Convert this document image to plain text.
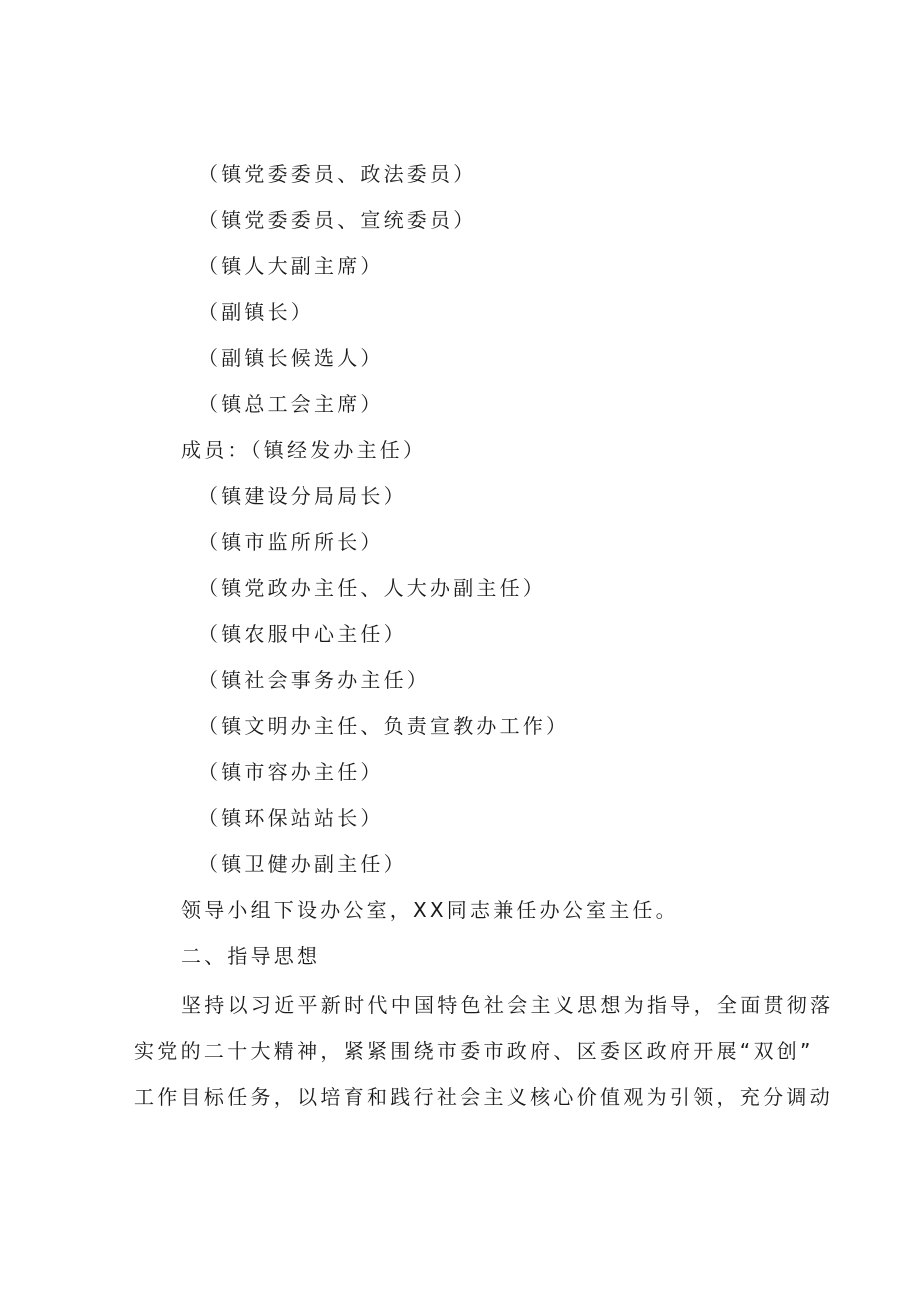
（镇党委委员、政法委员）
（镇党委委员、宣统委员）
（镇人大副主席）
（副镇长）
（副镇长候选人）
（镇总工会主席）
成员：（镇经发办主任）
（镇建设分局局长）
（镇市监所所长）
（镇党政办主任、人大办副主任）
（镇农服中心主任）
（镇社会事务办主任）
（镇文明办主任、负责宣教办工作）
（镇市容办主任）
（镇环保站站长）
（镇卫健办副主任）
领导小组下设办公室，XX同志兼任办公室主任。
二、指导思想
坚持以习近平新时代中国特色社会主义思想为指导，全面贯彻落
实党的二十大精神，紧紧围绕市委市政府、区委区政府开展“双创”
工作目标任务，以培育和践行社会主义核心价值观为引领，充分调动
